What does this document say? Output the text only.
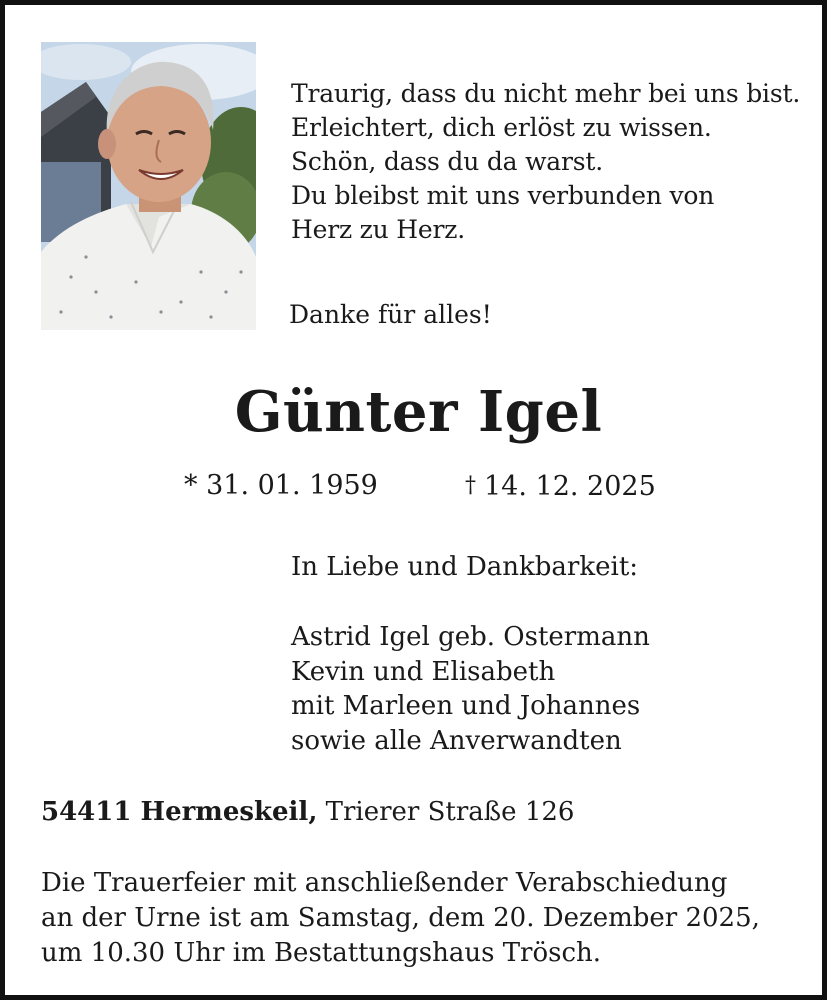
Traurig, dass du nicht mehr bei uns bist.
Erleichtert, dich erlöst zu wissen.
Schön, dass du da warst.
Du bleibst mit uns verbunden von
Herz zu Herz.
Danke für alles!
Günter Igel
* 31. 01. 1959	† 14. 12. 2025
In Liebe und Dankbarkeit:
Astrid Igel geb. Ostermann
Kevin und Elisabeth
mit Marleen und Johannes
sowie alle Anverwandten
54411 Hermeskeil, Trierer Straße 126
Die Trauerfeier mit anschließender Verabschiedung
an der Urne ist am Samstag, dem 20. Dezember 2025,
um 10.30 Uhr im Bestattungshaus Trösch.
